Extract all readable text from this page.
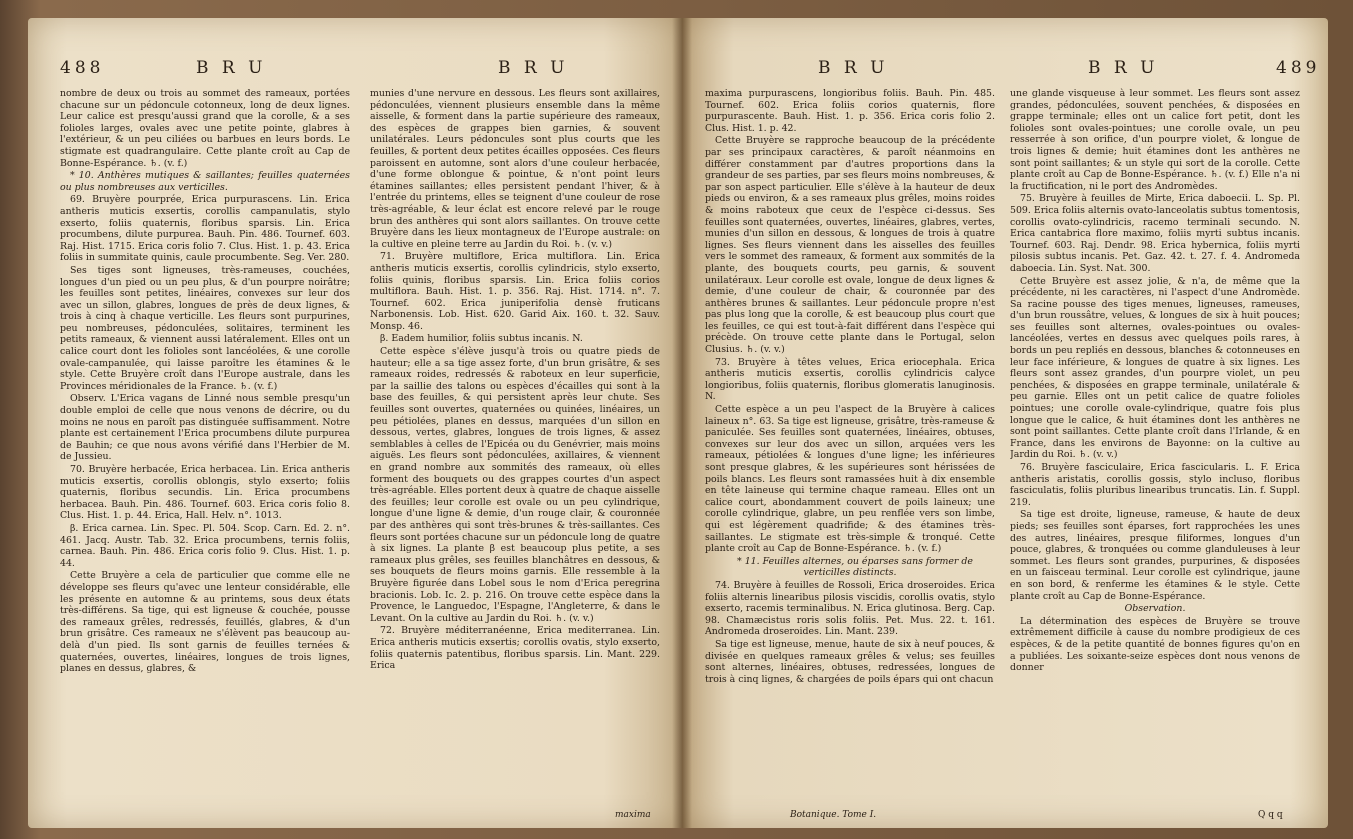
488	B R U	B R U	B R U	B R U	489

nombre de deux ou trois au sommet des rameaux, portées chacune sur un pédoncule cotonneux, long de deux lignes. Leur calice est presqu'aussi grand que la corolle, & a ses folioles larges, ovales avec une petite pointe, glabres à l'extérieur, & un peu ciliées ou barbues en leurs bords. Le stigmate est quadrangulaire. Cette plante croît au Cap de Bonne-Espérance. ♄. (v. f.)

* 10. Anthères mutiques & saillantes; feuilles quaternées ou plus nombreuses aux verticilles.

69. Bruyère pourprée, Erica purpurascens. Lin. Erica antheris muticis exsertis, corollis campanulatis, stylo exserto, foliis quaternis, floribus sparsis. Lin. Erica procumbens, dilute purpurea. Bauh. Pin. 486. Tournef. 603. Raj. Hist. 1715. Erica coris folio 7. Clus. Hist. 1. p. 43. Erica foliis in summitate quinis, caule procumbente. Seg. Ver. 280.

Ses tiges sont ligneuses, très-rameuses, couchées, longues d'un pied ou un peu plus, & d'un pourpre noirâtre; les feuilles sont petites, linéaires, convexes sur leur dos avec un sillon, glabres, longues de près de deux lignes, & trois à cinq à chaque verticille. Les fleurs sont purpurines, peu nombreuses, pédonculées, solitaires, terminent les petits rameaux, & viennent aussi latéralement. Elles ont un calice court dont les folioles sont lancéolées, & une corolle ovale-campanulée, qui laisse paroître les étamines & le style. Cette Bruyère croît dans l'Europe australe, dans les Provinces méridionales de la France. ♄. (v. f.)

Observ. L'Erica vagans de Linné nous semble presqu'un double emploi de celle que nous venons de décrire, ou du moins ne nous en paroît pas distinguée suffisamment. Notre plante est certainement l'Erica procumbens dilute purpurea de Bauhin; ce que nous avons vérifié dans l'Herbier de M. de Jussieu.

70. Bruyère herbacée, Erica herbacea. Lin. Erica antheris muticis exsertis, corollis oblongis, stylo exserto; foliis quaternis, floribus secundis. Lin. Erica procumbens herbacea. Bauh. Pin. 486. Tournef. 603. Erica coris folio 8. Clus. Hist. 1. p. 44. Erica, Hall. Helv. n°. 1013.

β. Erica carnea. Lin. Spec. Pl. 504. Scop. Carn. Ed. 2. n°. 461. Jacq. Austr. Tab. 32. Erica procumbens, ternis foliis, carnea. Bauh. Pin. 486. Erica coris folio 9. Clus. Hist. 1. p. 44.

Cette Bruyère a cela de particulier que comme elle ne développe ses fleurs qu'avec une lenteur considérable, elle les présente en automne & au printems, sous deux états très-différens. Sa tige, qui est ligneuse & couchée, pousse des rameaux grêles, redressés, feuillés, glabres, & d'un brun grisâtre. Ces rameaux ne s'élèvent pas beaucoup au-delà d'un pied. Ils sont garnis de feuilles ternées & quaternées, ouvertes, linéaires, longues de trois lignes, planes en dessus, glabres, &

munies d'une nervure en dessous. Les fleurs sont axillaires, pédonculées, viennent plusieurs ensemble dans la même aisselle, & forment dans la partie supérieure des rameaux, des espèces de grappes bien garnies, & souvent unilatérales. Leurs pédoncules sont plus courts que les feuilles, & portent deux petites écailles opposées. Ces fleurs paroissent en automne, sont alors d'une couleur herbacée, d'une forme oblongue & pointue, & n'ont point leurs étamines saillantes; elles persistent pendant l'hiver, & à l'entrée du printems, elles se teignent d'une couleur de rose très-agréable, & leur éclat est encore relevé par le rouge brun des anthères qui sont alors saillantes. On trouve cette Bruyère dans les lieux montagneux de l'Europe australe: on la cultive en pleine terre au Jardin du Roi. ♄. (v. v.)

71. Bruyère multiflore, Erica multiflora. Lin. Erica antheris muticis exsertis, corollis cylindricis, stylo exserto, foliis quinis, floribus sparsis. Lin. Erica foliis corios multiflora. Bauh. Hist. 1. p. 356. Raj. Hist. 1714. n°. 7. Tournef. 602. Erica juniperifolia densè fruticans Narbonensis. Lob. Hist. 620. Garid Aix. 160. t. 32. Sauv. Monsp. 46.

β. Eadem humilior, foliis subtus incanis. N.

Cette espèce s'élève jusqu'à trois ou quatre pieds de hauteur; elle a sa tige assez forte, d'un brun grisâtre, & ses rameaux roides, redressés & raboteux en leur superficie, par la saillie des talons ou espèces d'écailles qui sont à la base des feuilles, & qui persistent après leur chute. Ses feuilles sont ouvertes, quaternées ou quinées, linéaires, un peu pétiolées, planes en dessus, marquées d'un sillon en dessous, vertes, glabres, longues de trois lignes, & assez semblables à celles de l'Epicéa ou du Genévrier, mais moins aiguës. Les fleurs sont pédonculées, axillaires, & viennent en grand nombre aux sommités des rameaux, où elles forment des bouquets ou des grappes courtes d'un aspect très-agréable. Elles portent deux à quatre de chaque aisselle des feuilles; leur corolle est ovale ou un peu cylindrique, longue d'une ligne & demie, d'un rouge clair, & couronnée par des anthères qui sont très-brunes & très-saillantes. Ces fleurs sont portées chacune sur un pédoncule long de quatre à six lignes. La plante β est beaucoup plus petite, a ses rameaux plus grêles, ses feuilles blanchâtres en dessous, & ses bouquets de fleurs moins garnis. Elle ressemble à la Bruyère figurée dans Lobel sous le nom d'Erica peregrina bracionis. Lob. Ic. 2. p. 216. On trouve cette espèce dans la Provence, le Languedoc, l'Espagne, l'Angleterre, & dans le Levant. On la cultive au Jardin du Roi. ♄. (v. v.)

72. Bruyère méditerranéenne, Erica mediterranea. Lin. Erica antheris muticis exsertis; corollis ovatis, stylo exserto, foliis quaternis patentibus, floribus sparsis. Lin. Mant. 229. Erica

maxima

maxima purpurascens, longioribus foliis. Bauh. Pin. 485. Tournef. 602. Erica foliis corios quaternis, flore purpurascente. Bauh. Hist. 1. p. 356. Erica coris folio 2. Clus. Hist. 1. p. 42.

Cette Bruyère se rapproche beaucoup de la précédente par ses principaux caractères, & paroît néanmoins en différer constamment par d'autres proportions dans la grandeur de ses parties, par ses fleurs moins nombreuses, & par son aspect particulier. Elle s'élève à la hauteur de deux pieds ou environ, & a ses rameaux plus grêles, moins roides & moins raboteux que ceux de l'espèce ci-dessus. Ses feuilles sont quaternées, ouvertes, linéaires, glabres, vertes, munies d'un sillon en dessous, & longues de trois à quatre lignes. Ses fleurs viennent dans les aisselles des feuilles vers le sommet des rameaux, & forment aux sommités de la plante, des bouquets courts, peu garnis, & souvent unilatéraux. Leur corolle est ovale, longue de deux lignes & demie, d'une couleur de chair, & couronnée par des anthères brunes & saillantes. Leur pédoncule propre n'est pas plus long que la corolle, & est beaucoup plus court que les feuilles, ce qui est tout-à-fait différent dans l'espèce qui précède. On trouve cette plante dans le Portugal, selon Clusius. ♄. (v. v.)

73. Bruyère à têtes velues, Erica eriocephala. Erica antheris muticis exsertis, corollis cylindricis calyce longioribus, foliis quaternis, floribus glomeratis lanuginosis. N.

Cette espèce a un peu l'aspect de la Bruyère à calices laineux n°. 63. Sa tige est ligneuse, grisâtre, très-rameuse & paniculée. Ses feuilles sont quaternées, linéaires, obtuses, convexes sur leur dos avec un sillon, arquées vers les rameaux, pétiolées & longues d'une ligne; les inférieures sont presque glabres, & les supérieures sont hérissées de poils blancs. Les fleurs sont ramassées huit à dix ensemble en tête laineuse qui termine chaque rameau. Elles ont un calice court, abondamment couvert de poils laineux; une corolle cylindrique, glabre, un peu renflée vers son limbe, qui est légèrement quadrifide; & des étamines très-saillantes. Le stigmate est très-simple & tronqué. Cette plante croît au Cap de Bonne-Espérance. ♄. (v. f.)

* 11. Feuilles alternes, ou éparses sans former de verticilles distincts.

74. Bruyère à feuilles de Rossoli, Erica droseroides. Erica foliis alternis linearibus pilosis viscidis, corollis ovatis, stylo exserto, racemis terminalibus. N. Erica glutinosa. Berg. Cap. 98. Chamæcistus roris solis foliis. Pet. Mus. 22. t. 161. Andromeda droseroides. Lin. Mant. 239.

Sa tige est ligneuse, menue, haute de six à neuf pouces, & divisée en quelques rameaux grêles & velus; ses feuilles sont alternes, linéaires, obtuses, redressées, longues de trois à cinq lignes, & chargées de poils épars qui ont chacun

une glande visqueuse à leur sommet. Les fleurs sont assez grandes, pédonculées, souvent penchées, & disposées en grappe terminale; elles ont un calice fort petit, dont les folioles sont ovales-pointues; une corolle ovale, un peu resserrée à son orifice, d'un pourpre violet, & longue de trois lignes & demie; huit étamines dont les anthères ne sont point saillantes; & un style qui sort de la corolle. Cette plante croît au Cap de Bonne-Espérance. ♄. (v. f.) Elle n'a ni la fructification, ni le port des Andromèdes.

75. Bruyère à feuilles de Mirte, Erica daboecii. L. Sp. Pl. 509. Erica foliis alternis ovato-lanceolatis subtus tomentosis, corollis ovato-cylindricis, racemo terminali secundo. N. Erica cantabrica flore maximo, foliis myrti subtus incanis. Tournef. 603. Raj. Dendr. 98. Erica hybernica, foliis myrti pilosis subtus incanis. Pet. Gaz. 42. t. 27. f. 4. Andromeda daboecia. Lin. Syst. Nat. 300.

Cette Bruyère est assez jolie, & n'a, de même que la précédente, ni les caractères, ni l'aspect d'une Andromède. Sa racine pousse des tiges menues, ligneuses, rameuses, d'un brun roussâtre, velues, & longues de six à huit pouces; ses feuilles sont alternes, ovales-pointues ou ovales-lancéolées, vertes en dessus avec quelques poils rares, à bords un peu repliés en dessous, blanches & cotonneuses en leur face inférieure, & longues de quatre à six lignes. Les fleurs sont assez grandes, d'un pourpre violet, un peu penchées, & disposées en grappe terminale, unilatérale & peu garnie. Elles ont un petit calice de quatre folioles pointues; une corolle ovale-cylindrique, quatre fois plus longue que le calice, & huit étamines dont les anthères ne sont point saillantes. Cette plante croît dans l'Irlande, & en France, dans les environs de Bayonne: on la cultive au Jardin du Roi. ♄. (v. v.)

76. Bruyère fasciculaire, Erica fascicularis. L. F. Erica antheris aristatis, corollis gossis, stylo incluso, floribus fasciculatis, foliis pluribus linearibus truncatis. Lin. f. Suppl. 219.

Sa tige est droite, ligneuse, rameuse, & haute de deux pieds; ses feuilles sont éparses, fort rapprochées les unes des autres, linéaires, presque filiformes, longues d'un pouce, glabres, & tronquées ou comme glanduleuses à leur sommet. Les fleurs sont grandes, purpurines, & disposées en un faisceau terminal. Leur corolle est cylindrique, jaune en son bord, & renferme les étamines & le style. Cette plante croît au Cap de Bonne-Espérance.

Observation.

La détermination des espèces de Bruyère se trouve extrêmement difficile à cause du nombre prodigieux de ces espèces, & de la petite quantité de bonnes figures qu'on en a publiées. Les soixante-seize espèces dont nous venons de donner

Botanique. Tome I.	Q q q
